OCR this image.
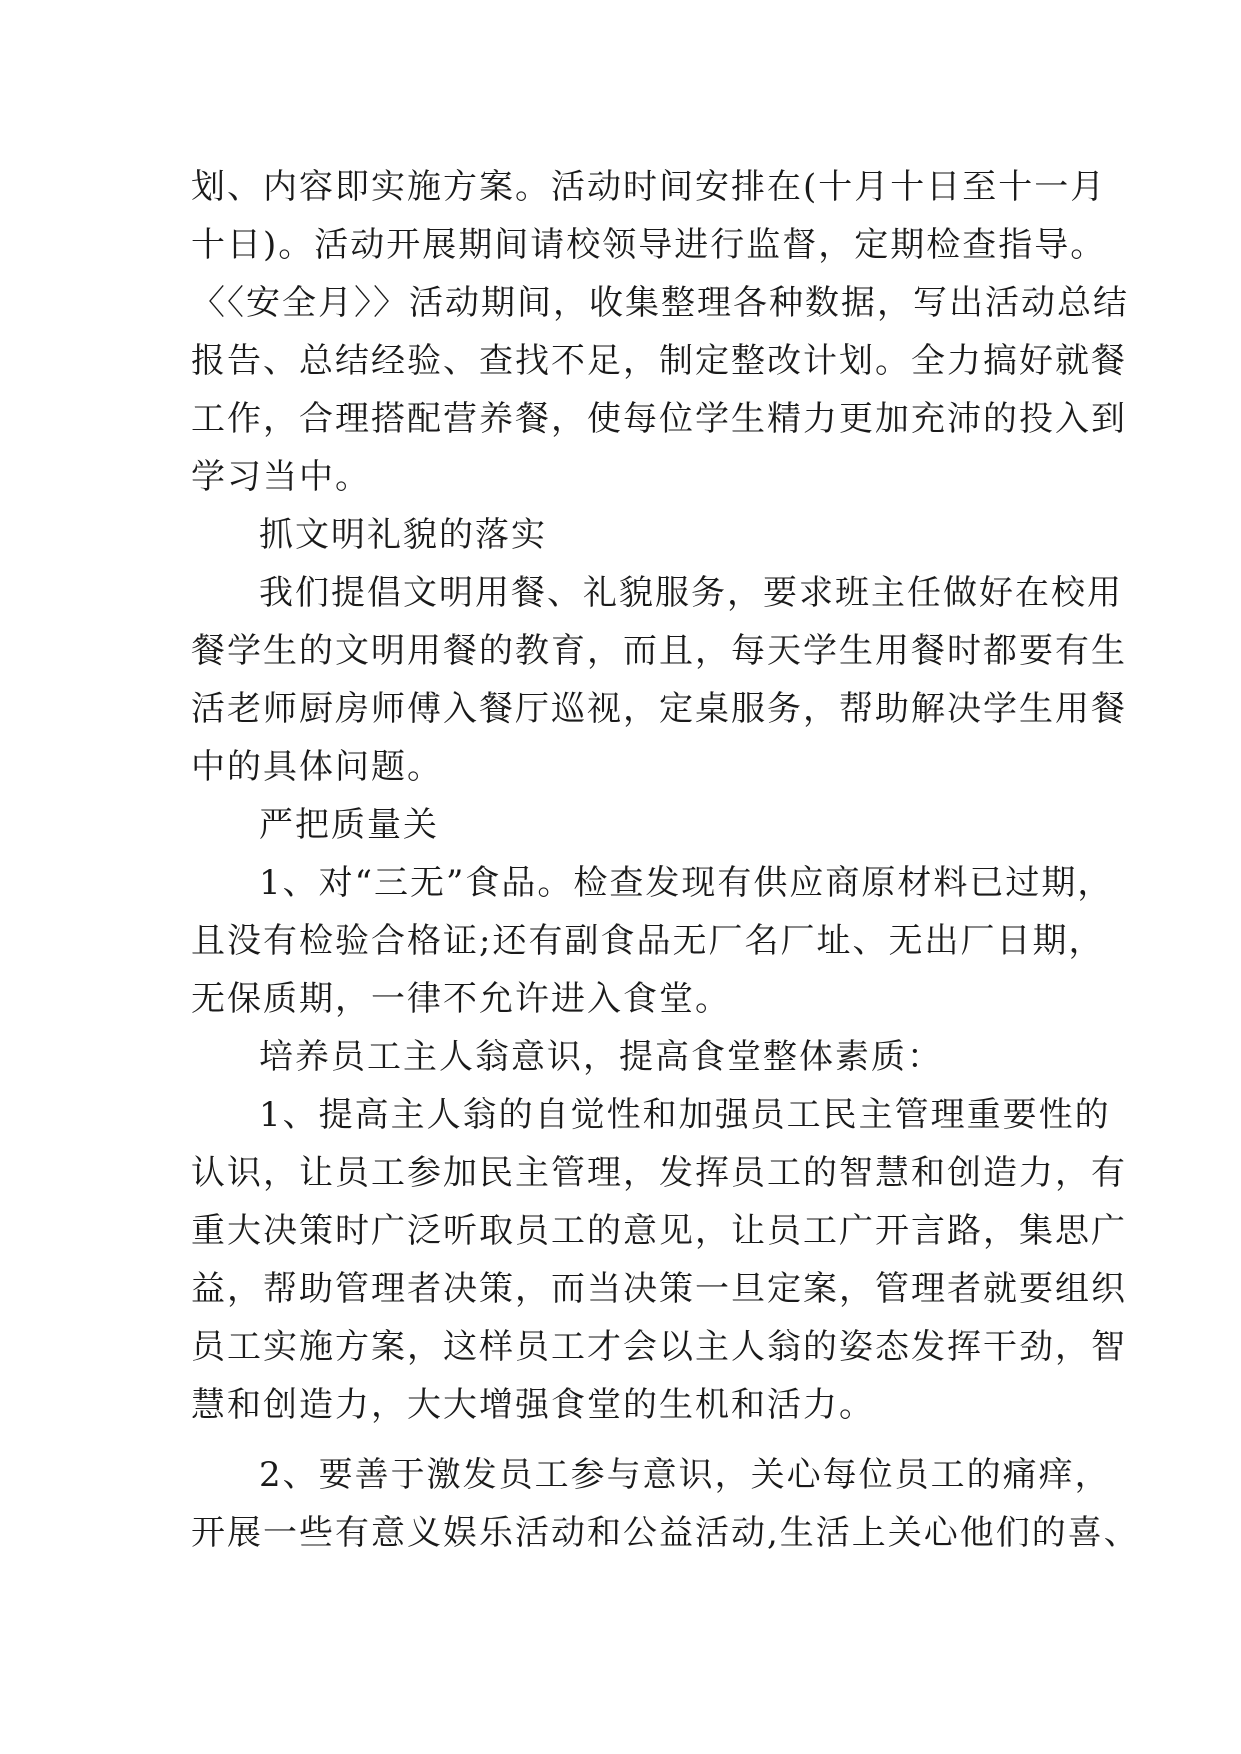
划、内容即实施方案。活动时间安排在(十月十日至十一月
十日)。活动开展期间请校领导进行监督，定期检查指导。
〈〈安全月〉〉活动期间，收集整理各种数据，写出活动总结
报告、总结经验、查找不足，制定整改计划。全力搞好就餐
工作，合理搭配营养餐，使每位学生精力更加充沛的投入到
学习当中。
抓文明礼貌的落实
我们提倡文明用餐、礼貌服务，要求班主任做好在校用
餐学生的文明用餐的教育，而且，每天学生用餐时都要有生
活老师厨房师傅入餐厅巡视，定桌服务，帮助解决学生用餐
中的具体问题。
严把质量关
1、对“三无”食品。检查发现有供应商原材料已过期，
且没有检验合格证;还有副食品无厂名厂址、无出厂日期，
无保质期，一律不允许进入食堂。
培养员工主人翁意识，提高食堂整体素质：
1、提高主人翁的自觉性和加强员工民主管理重要性的
认识，让员工参加民主管理，发挥员工的智慧和创造力，有
重大决策时广泛听取员工的意见，让员工广开言路，集思广
益，帮助管理者决策，而当决策一旦定案，管理者就要组织
员工实施方案，这样员工才会以主人翁的姿态发挥干劲，智
慧和创造力，大大增强食堂的生机和活力。
2、要善于激发员工参与意识，关心每位员工的痛痒，
开展一些有意义娱乐活动和公益活动,生活上关心他们的喜、
